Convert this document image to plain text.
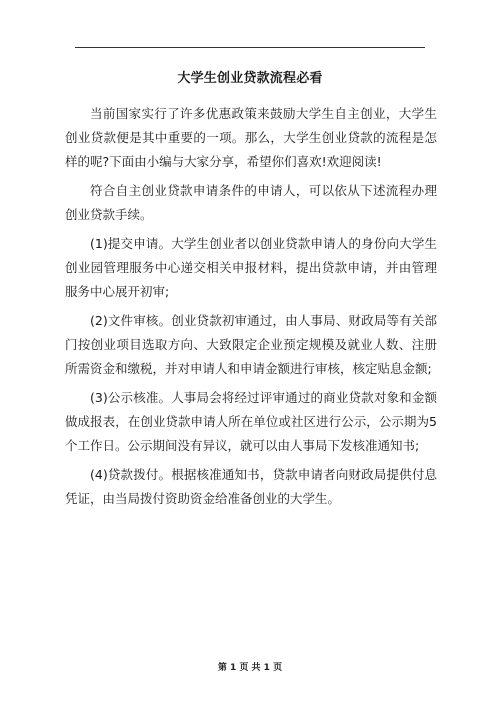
大学生创业贷款流程必看

当前国家实行了许多优惠政策来鼓励大学生自主创业，大学生创业贷款便是其中重要的一项。那么，大学生创业贷款的流程是怎样的呢?下面由小编与大家分享，希望你们喜欢!欢迎阅读!

符合自主创业贷款申请条件的申请人，可以依从下述流程办理创业贷款手续。

(1)提交申请。大学生创业者以创业贷款申请人的身份向大学生创业园管理服务中心递交相关申报材料，提出贷款申请，并由管理服务中心展开初审;

(2)文件审核。创业贷款初审通过，由人事局、财政局等有关部门按创业项目选取方向、大致限定企业预定规模及就业人数、注册所需资金和缴税，并对申请人和申请金额进行审核，核定贴息金额;

(3)公示核准。人事局会将经过评审通过的商业贷款对象和金额做成报表，在创业贷款申请人所在单位或社区进行公示，公示期为5个工作日。公示期间没有异议，就可以由人事局下发核准通知书;

(4)贷款拨付。根据核准通知书，贷款申请者向财政局提供付息凭证，由当局拨付资助资金给准备创业的大学生。

第 1 页 共 1 页
